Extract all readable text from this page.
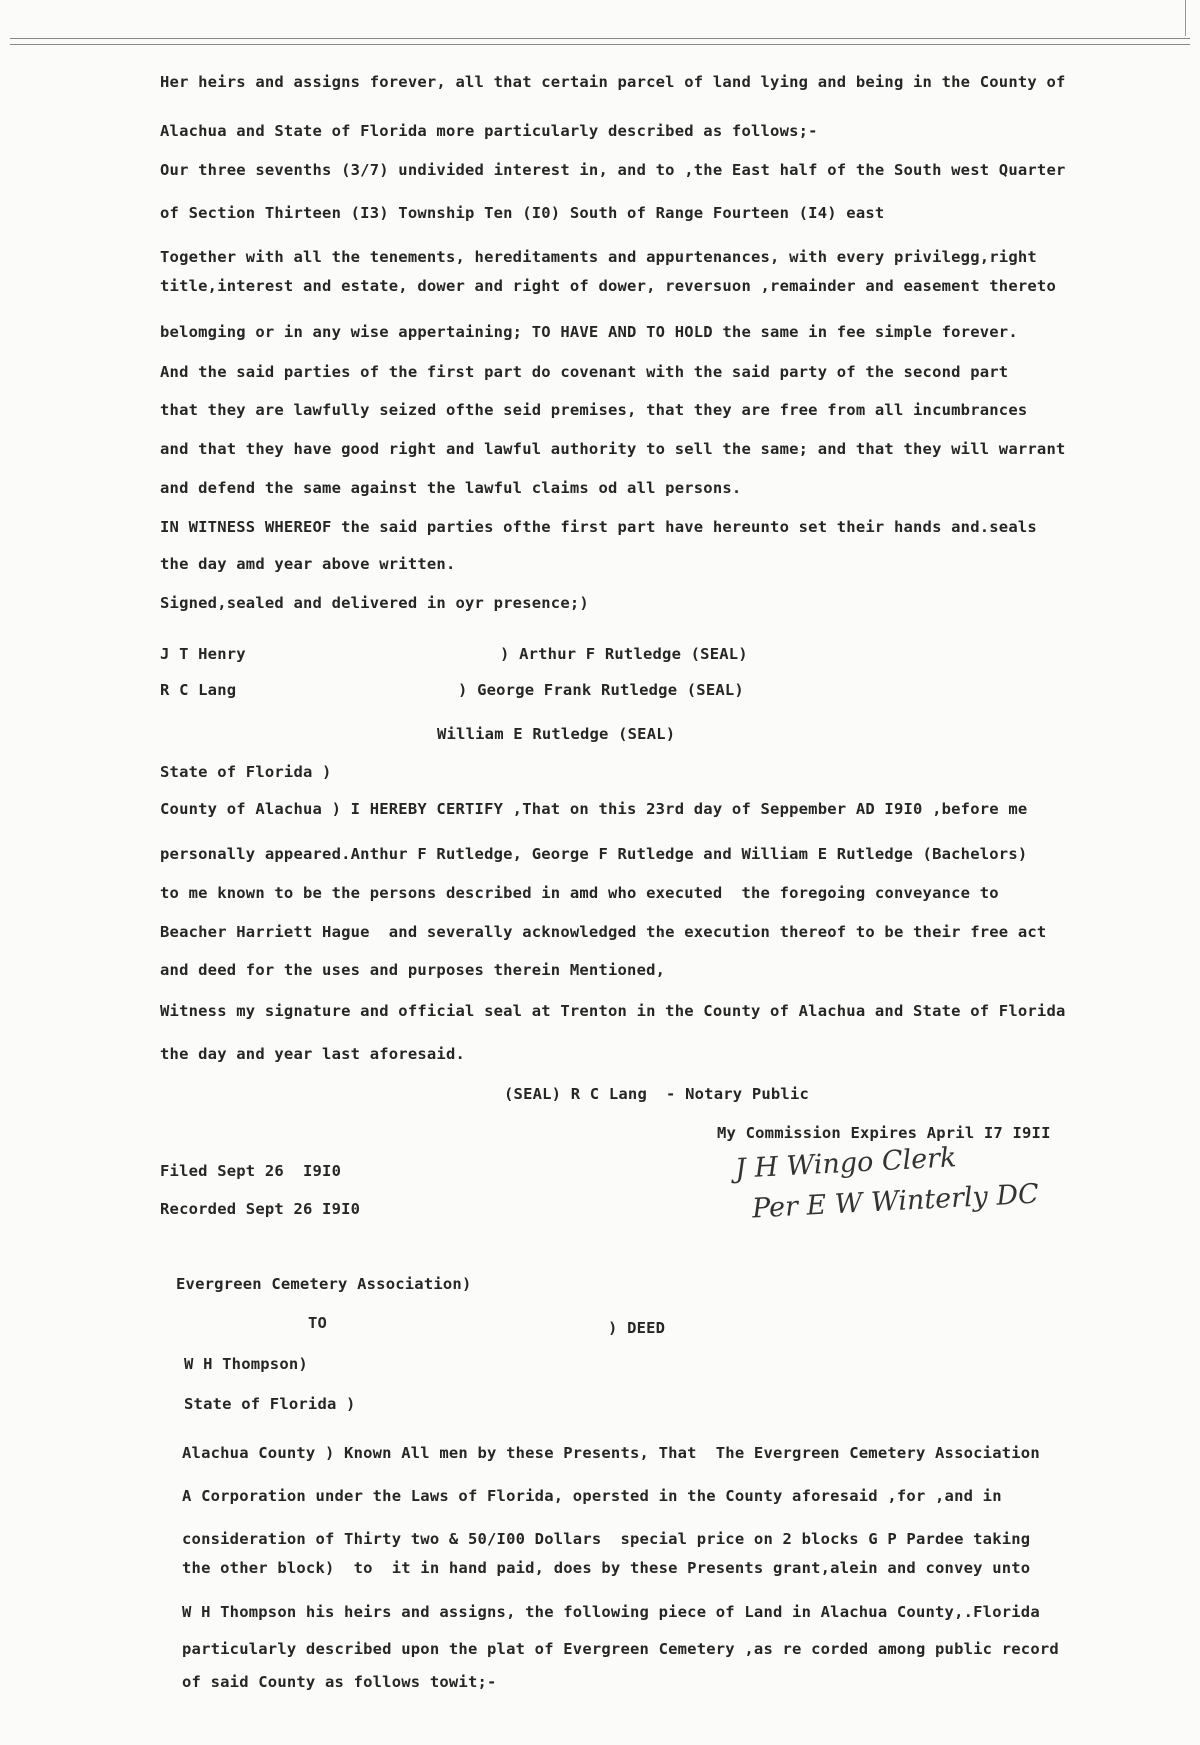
Her heirs and assigns forever, all that certain parcel of land lying and being in the County of
Alachua and State of Florida more particularly described as follows;-
Our three sevenths (3/7) undivided interest in, and to ,the East half of the South west Quarter
of Section Thirteen (I3) Township Ten (I0) South of Range Fourteen (I4) east
Together with all the tenements, hereditaments and appurtenances, with every privilegg,right
title,interest and estate, dower and right of dower, reversuon ,remainder and easement thereto
belomging or in any wise appertaining; TO HAVE AND TO HOLD the same in fee simple forever.
And the said parties of the first part do covenant with the said party of the second part
that they are lawfully seized ofthe seid premises, that they are free from all incumbrances
and that they have good right and lawful authority to sell the same; and that they will warrant
and defend the same against the lawful claims od all persons.
IN WITNESS WHEREOF the said parties ofthe first part have hereunto set their hands and.seals
the day amd year above written.
Signed,sealed and delivered in oyr presence;)
J T Henry
R C Lang
) Arthur F Rutledge (SEAL)
) George Frank Rutledge (SEAL)
William E Rutledge (SEAL)
State of Florida )
County of Alachua ) I HEREBY CERTIFY ,That on this 23rd day of Seppember AD I9I0 ,before me
personally appeared.Anthur F Rutledge, George F Rutledge and William E Rutledge (Bachelors)
to me known to be the persons described in amd who executed  the foregoing conveyance to
Beacher Harriett Hague  and severally acknowledged the execution thereof to be their free act
and deed for the uses and purposes therein Mentioned,
Witness my signature and official seal at Trenton in the County of Alachua and State of Florida
the day and year last aforesaid.
(SEAL) R C Lang  - Notary Public
My Commission Expires April I7 I9II
Filed Sept 26  I9I0
Recorded Sept 26 I9I0
J H Wingo Clerk
Per E W Winterly DC
Evergreen Cemetery Association)
TO	) DEED
W H Thompson)
State of Florida )
Alachua County ) Known All men by these Presents, That  The Evergreen Cemetery Association
A Corporation under the Laws of Florida, opersted in the County aforesaid ,for ,and in
consideration of Thirty two & 50/I00 Dollars  special price on 2 blocks G P Pardee taking
the other block)  to  it in hand paid, does by these Presents grant,alein and convey unto
W H Thompson his heirs and assigns, the following piece of Land in Alachua County,.Florida
particularly described upon the plat of Evergreen Cemetery ,as re corded among public record
of said County as follows towit;-
